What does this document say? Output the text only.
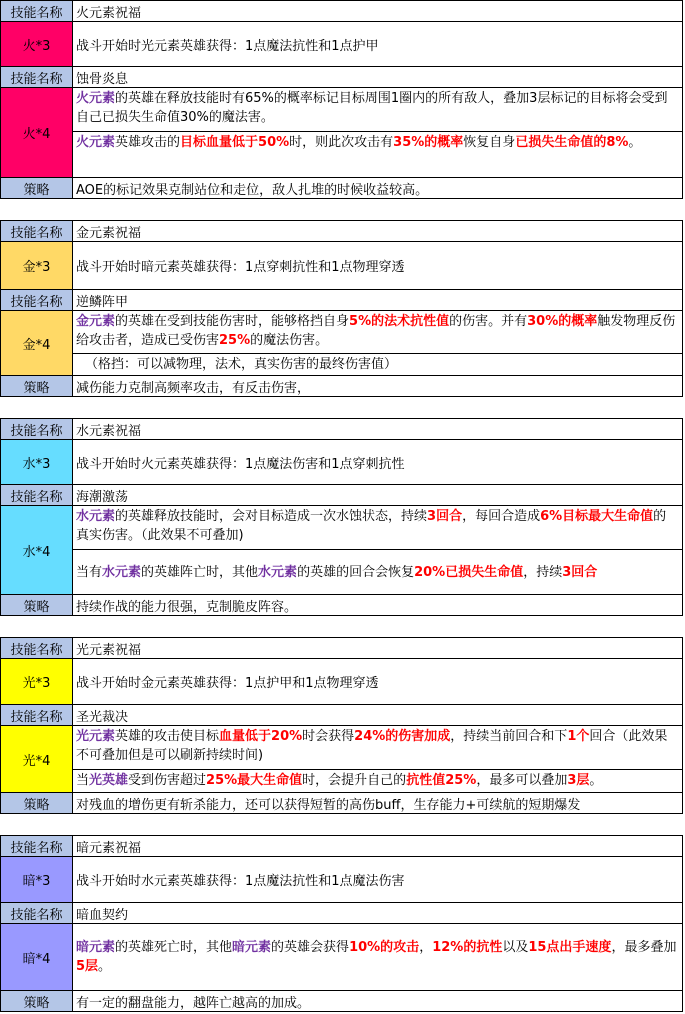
技能名称	火元素祝福
火*3	战斗开始时光元素英雄获得：1点魔法抗性和1点护甲
技能名称	蚀骨炎息
火*4
火元素的英雄在释放技能时有65%的概率标记目标周围1圈内的所有敌人，叠加3层标记的目标将会受到自己已损失生命值30%的魔法害。
火元素英雄攻击的目标血量低于50%时，则此次攻击有35%的概率恢复自身已损失生命值的8%。
策略	AOE的标记效果克制站位和走位，敌人扎堆的时候收益较高。
技能名称	金元素祝福
金*3	战斗开始时暗元素英雄获得：1点穿刺抗性和1点物理穿透
技能名称	逆鳞阵甲
金*4
金元素的英雄在受到技能伤害时，能够格挡自身5%的法术抗性值的伤害。并有30%的概率触发物理反伤给攻击者，造成已受伤害25%的魔法伤害。
（格挡：可以减物理，法术，真实伤害的最终伤害值）
策略	减伤能力克制高频率攻击，有反击伤害，
技能名称	水元素祝福
水*3	战斗开始时火元素英雄获得：1点魔法伤害和1点穿刺抗性
技能名称	海潮激荡
水*4
水元素的英雄释放技能时，会对目标造成一次水蚀状态，持续3回合，每回合造成6%目标最大生命值的真实伤害。（此效果不可叠加)
当有水元素的英雄阵亡时，其他水元素的英雄的回合会恢复20%已损失生命值，持续3回合
策略	持续作战的能力很强，克制脆皮阵容。
技能名称	光元素祝福
光*3	战斗开始时金元素英雄获得：1点护甲和1点物理穿透
技能名称	圣光裁决
光*4
光元素英雄的攻击使目标血量低于20%时会获得24%的伤害加成，持续当前回合和下1个回合（此效果不可叠加但是可以刷新持续时间)
当光英雄受到伤害超过25%最大生命值时，会提升自己的抗性值25%，最多可以叠加3层。
策略	对残血的增伤更有斩杀能力，还可以获得短暂的高伤buff，生存能力+可续航的短期爆发
技能名称	暗元素祝福
暗*3	战斗开始时水元素英雄获得：1点魔法抗性和1点魔法伤害
技能名称	暗血契约
暗*4
暗元素的英雄死亡时，其他暗元素的英雄会获得10%的攻击，12%的抗性以及15点出手速度，最多叠加5层。
策略	有一定的翻盘能力，越阵亡越高的加成。
